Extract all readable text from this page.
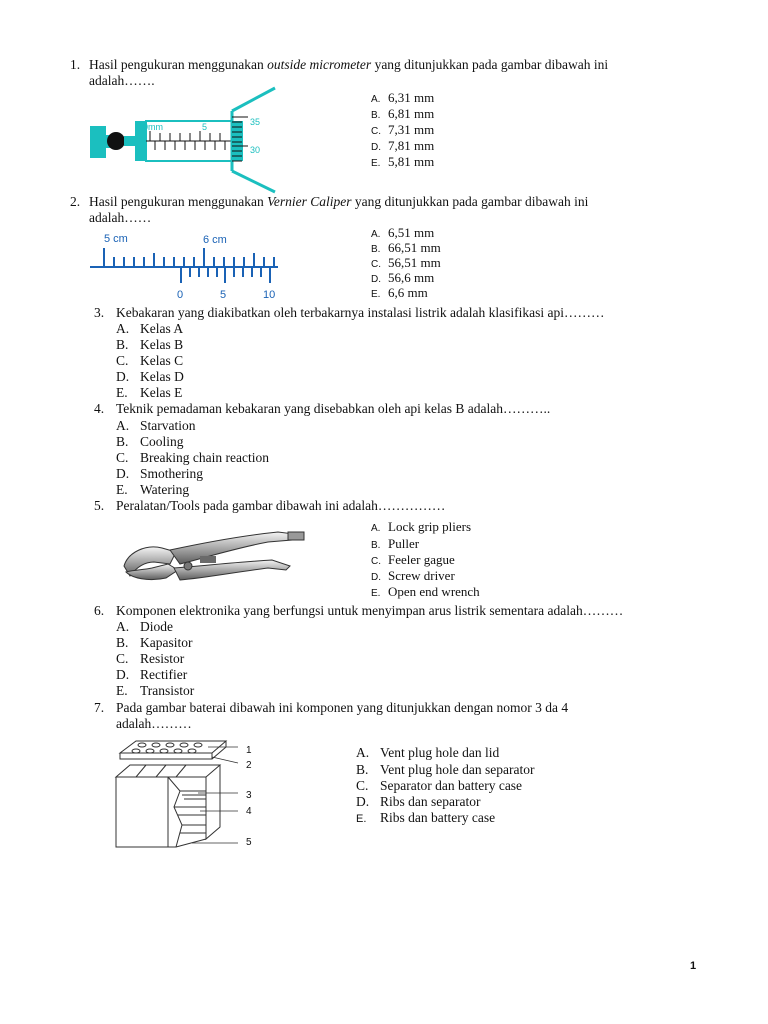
1. Hasil pengukuran menggunakan outside micrometer yang ditunjukkan pada gambar dibawah ini
adalah…….
0mm	5	35
30
A. 6,31 mm
B. 6,81 mm
C. 7,31 mm
D. 7,81 mm
E. 5,81 mm
2. Hasil pengukuran menggunakan Vernier Caliper yang ditunjukkan pada gambar dibawah ini
adalah……
5 cm	6 cm
0	5	10
A. 6,51 mm
B. 66,51 mm
C. 56,51 mm
D. 56,6 mm
E. 6,6 mm
3. Kebakaran yang diakibatkan oleh terbakarnya instalasi listrik adalah klasifikasi api………
A. Kelas A
B. Kelas B
C. Kelas C
D. Kelas D
E. Kelas E
4. Teknik pemadaman kebakaran yang disebabkan oleh api kelas B adalah………..
A. Starvation
B. Cooling
C. Breaking chain reaction
D. Smothering
E. Watering
5. Peralatan/Tools pada gambar dibawah ini adalah……………
A. Lock grip pliers
B. Puller
C. Feeler gague
D. Screw driver
E. Open end wrench
6. Komponen elektronika yang berfungsi untuk menyimpan arus listrik sementara adalah………
A. Diode
B. Kapasitor
C. Resistor
D. Rectifier
E. Transistor
7. Pada gambar baterai dibawah ini komponen yang ditunjukkan dengan nomor 3 da 4
adalah………
1
2
3
4
5
A. Vent plug hole dan lid
B. Vent plug hole dan separator
C. Separator dan battery case
D. Ribs dan separator
E. Ribs dan battery case
1
